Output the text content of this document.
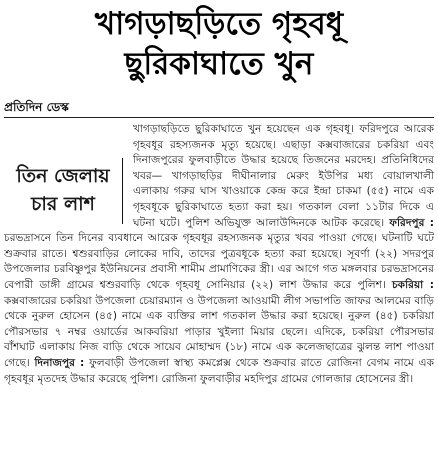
খাগড়াছড়িতে গৃহবধূ
ছুরিকাঘাতে খুন
প্রতিদিন ডেস্ক
তিন জেলায়
চার লাশ
খাগড়াছড়িতে ছুরিকাঘাতে খুন হয়েছেন এক গৃহবধূ। ফরিদপুরে আরেক গৃহবধূর রহস্যজনক মৃত্যু হয়েছে। এছাড়া কক্সবাজারের চকরিয়া এবং দিনাজপুরের ফুলবাড়ীতে উদ্ধার হয়েছে তিজনের মরদেহ। প্রতিনিধিদের খবর— খাগড়াছড়ির দীঘীনালার মেরুং ইউপির মধ্য বোয়ালখালী এলাকায় গরুর ঘাস খাওয়াকে কেন্দ্র করে ইন্দ্রা চাকমা (৫৫) নামে এক গৃহবধূকে ছুরিকাঘাতে হত্যা করা হয়। গতকাল বেলা ১১টার দিকে এ ঘটনা ঘটে। পুলিশ অভিযুক্ত আলাউদ্দিনকে আটক করেছে। ফরিদপুর : চরভদ্রাসনে তিন দিনের ব্যবধানে আরেক গৃহবধূর রহস্যজনক মৃত্যুর খবর পাওয়া গেছে। ঘটনাটি ঘটে শুক্রবার রাতে। শ্বশুরবাড়ির লোকের দাবি, তাদের পুত্রবধূকে হত্যা করা হয়েছে। সূবর্ণা (২২) সদরপুর উপজেলার চরবিষ্ণুপুর ইউনিয়নের প্রবাসী শামীম প্রামাণিকের স্ত্রী। এর আগে গত মঙ্গলবার চরভদ্রাসনের বেপারী ডাঙ্গী গ্রামের শ্বশুরবাড়ি থেকে গৃহবধূ সোনিয়ার (২২) লাশ উদ্ধার করে পুলিশ। চকরিয়া : কক্সবাজারের চকরিয়া উপজেলা চেয়ারম্যান ও উপজেলা আওয়ামী লীগ সভাপতি জাফর আলমের বাড়ি থেকে নুরুল হোসেন (৪৫) নামে এক ব্যক্তির লাশ গতকাল উদ্ধার করা হয়েছে। নুরুল (৪৫) চকরিয়া পৌরসভার ৭ নম্বর ওয়ার্ডের আকবরিয়া পাড়ার খুইল্যা মিয়ার ছেলে। এদিকে, চকরিয়া পৌরসভার বাঁশঘাট এলাকায় নিজ বাড়ি থেকে সায়েব মোহাম্মদ (১৮) নামে এক কলেজছাত্রের ঝুলন্ত লাশ পাওয়া গেছে। দিনাজপুর : ফুলবাড়ী উপজেলা স্বাস্থ্য কমপ্লেক্স থেকে শুক্রবার রাতে রোজিনা বেগম নামে এক গৃহবধূর মৃতদেহ উদ্ধার করেছে পুলিশ। রোজিনা ফুলবাড়ীর মহদিপুর গ্রামের গোলজার হোসেনের স্ত্রী।
